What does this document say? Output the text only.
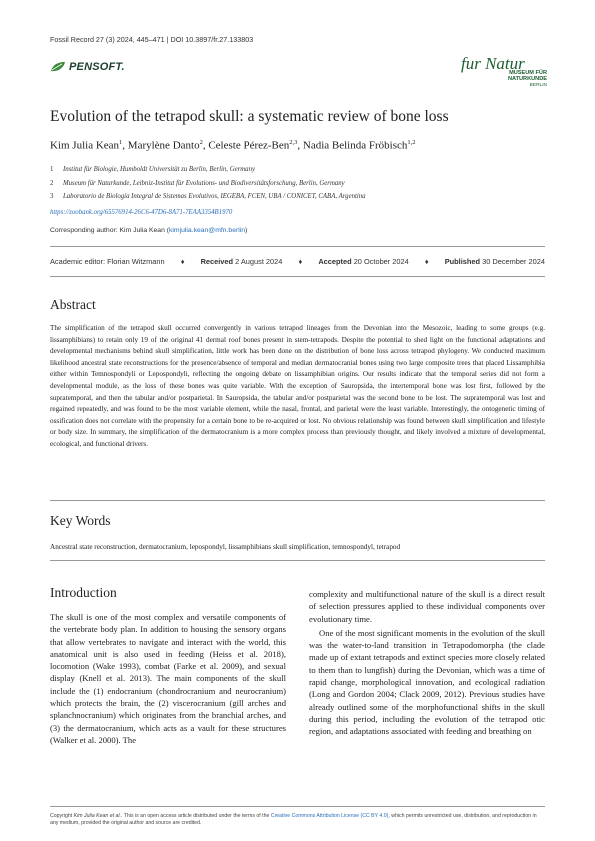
Fossil Record 27 (3) 2024, 445–471 | DOI 10.3897/fr.27.133803
PENSOFT.	fur Natur
MUSEUM FÜR
NATURKUNDE
BERLIN
Evolution of the tetrapod skull: a systematic review of bone loss
Kim Julia Kean$^1$, Marylène Danto$^2$, Celeste Pérez-Ben$^{2,3}$, Nadia Belinda Fröbisch$^{1,2}$
1 Institut für Biologie, Humboldt Universität zu Berlin, Berlin, Germany
2 Museum für Naturkunde, Leibniz-Institut für Evolutions- und Biodiversitätsforschung, Berlin, Germany
3 Laboratorio de Biología Integral de Sistemas Evolutivos, IEGEBA, FCEN, UBA / CONICET, CABA, Argentina
https://zoobank.org/65576914-26C6-47D6-8A71-7EAA3354B1970
Corresponding author: Kim Julia Kean (kimjulia.kean@mfn.berlin)
Academic editor: Florian Witzmann ♦ Received 2 August 2024 ♦ Accepted 20 October 2024 ♦ Published 30 December 2024
Abstract
The simplification of the tetrapod skull occurred convergently in various tetrapod lineages from the Devonian into the Mesozoic, leading to some groups (e.g. lissamphibians) to retain only 19 of the original 41 dermal roof bones present in stem-tetrapods. Despite the potential to shed light on the functional adaptations and developmental mechanisms behind skull simplification, little work has been done on the distribution of bone loss across tetrapod phylogeny. We conducted maximum likelihood ancestral state reconstructions for the presence/absence of temporal and median dermatocranial bones using two large composite trees that placed Lissamphibia either within Temnospondyli or Lepospondyli, reflecting the ongoing debate on lissamphibian origins. Our results indicate that the temporal series did not form a developmental module, as the loss of these bones was quite variable. With the exception of Sauropsida, the intertemporal bone was lost first, followed by the supratemporal, and then the tabular and/or postparietal. In Sauropsida, the tabular and/or postparietal was the second bone to be lost. The supratemporal was lost and regained repeatedly, and was found to be the most variable element, while the nasal, frontal, and parietal were the least variable. Interestingly, the ontogenetic timing of ossification does not correlate with the propensity for a certain bone to be re-acquired or lost. No obvious relationship was found between skull simplification and lifestyle or body size. In summary, the simplification of the dermatocranium is a more complex process than previously thought, and likely involved a mixture of developmental, ecological, and functional drivers.
Key Words
Ancestral state reconstruction, dermatocranium, lepospondyl, lissamphibians skull simplification, temnospondyl, tetrapod
Introduction
The skull is one of the most complex and versatile components of the vertebrate body plan. In addition to housing the sensory organs that allow vertebrates to navigate and interact with the world, this anatomical unit is also used in feeding (Heiss et al. 2018), locomotion (Wake 1993), combat (Farke et al. 2009), and sexual display (Knell et al. 2013). The main components of the skull include the (1) endocranium (chondrocranium and neurocranium) which protects the brain, the (2) viscerocranium (gill arches and splanchnocranium) which originates from the branchial arches, and (3) the dermatocranium, which acts as a vault for these structures (Walker et al. 2000). The
complexity and multifunctional nature of the skull is a direct result of selection pressures applied to these individual components over evolutionary time.
One of the most significant moments in the evolution of the skull was the water-to-land transition in Tetrapodomorpha (the clade made up of extant tetrapods and extinct species more closely related to them than to lungfish) during the Devonian, which was a time of rapid change, morphological innovation, and ecological radiation (Long and Gordon 2004; Clack 2009, 2012). Previous studies have already outlined some of the morphofunctional shifts in the skull during this period, including the evolution of the tetrapod otic region, and adaptations associated with feeding and breathing on
Copyright Kim Julia Kean et al.. This is an open access article distributed under the terms of the Creative Commons Attribution License (CC BY 4.0), which permits unrestricted use, distribution, and reproduction in any medium, provided the original author and source are credited.
